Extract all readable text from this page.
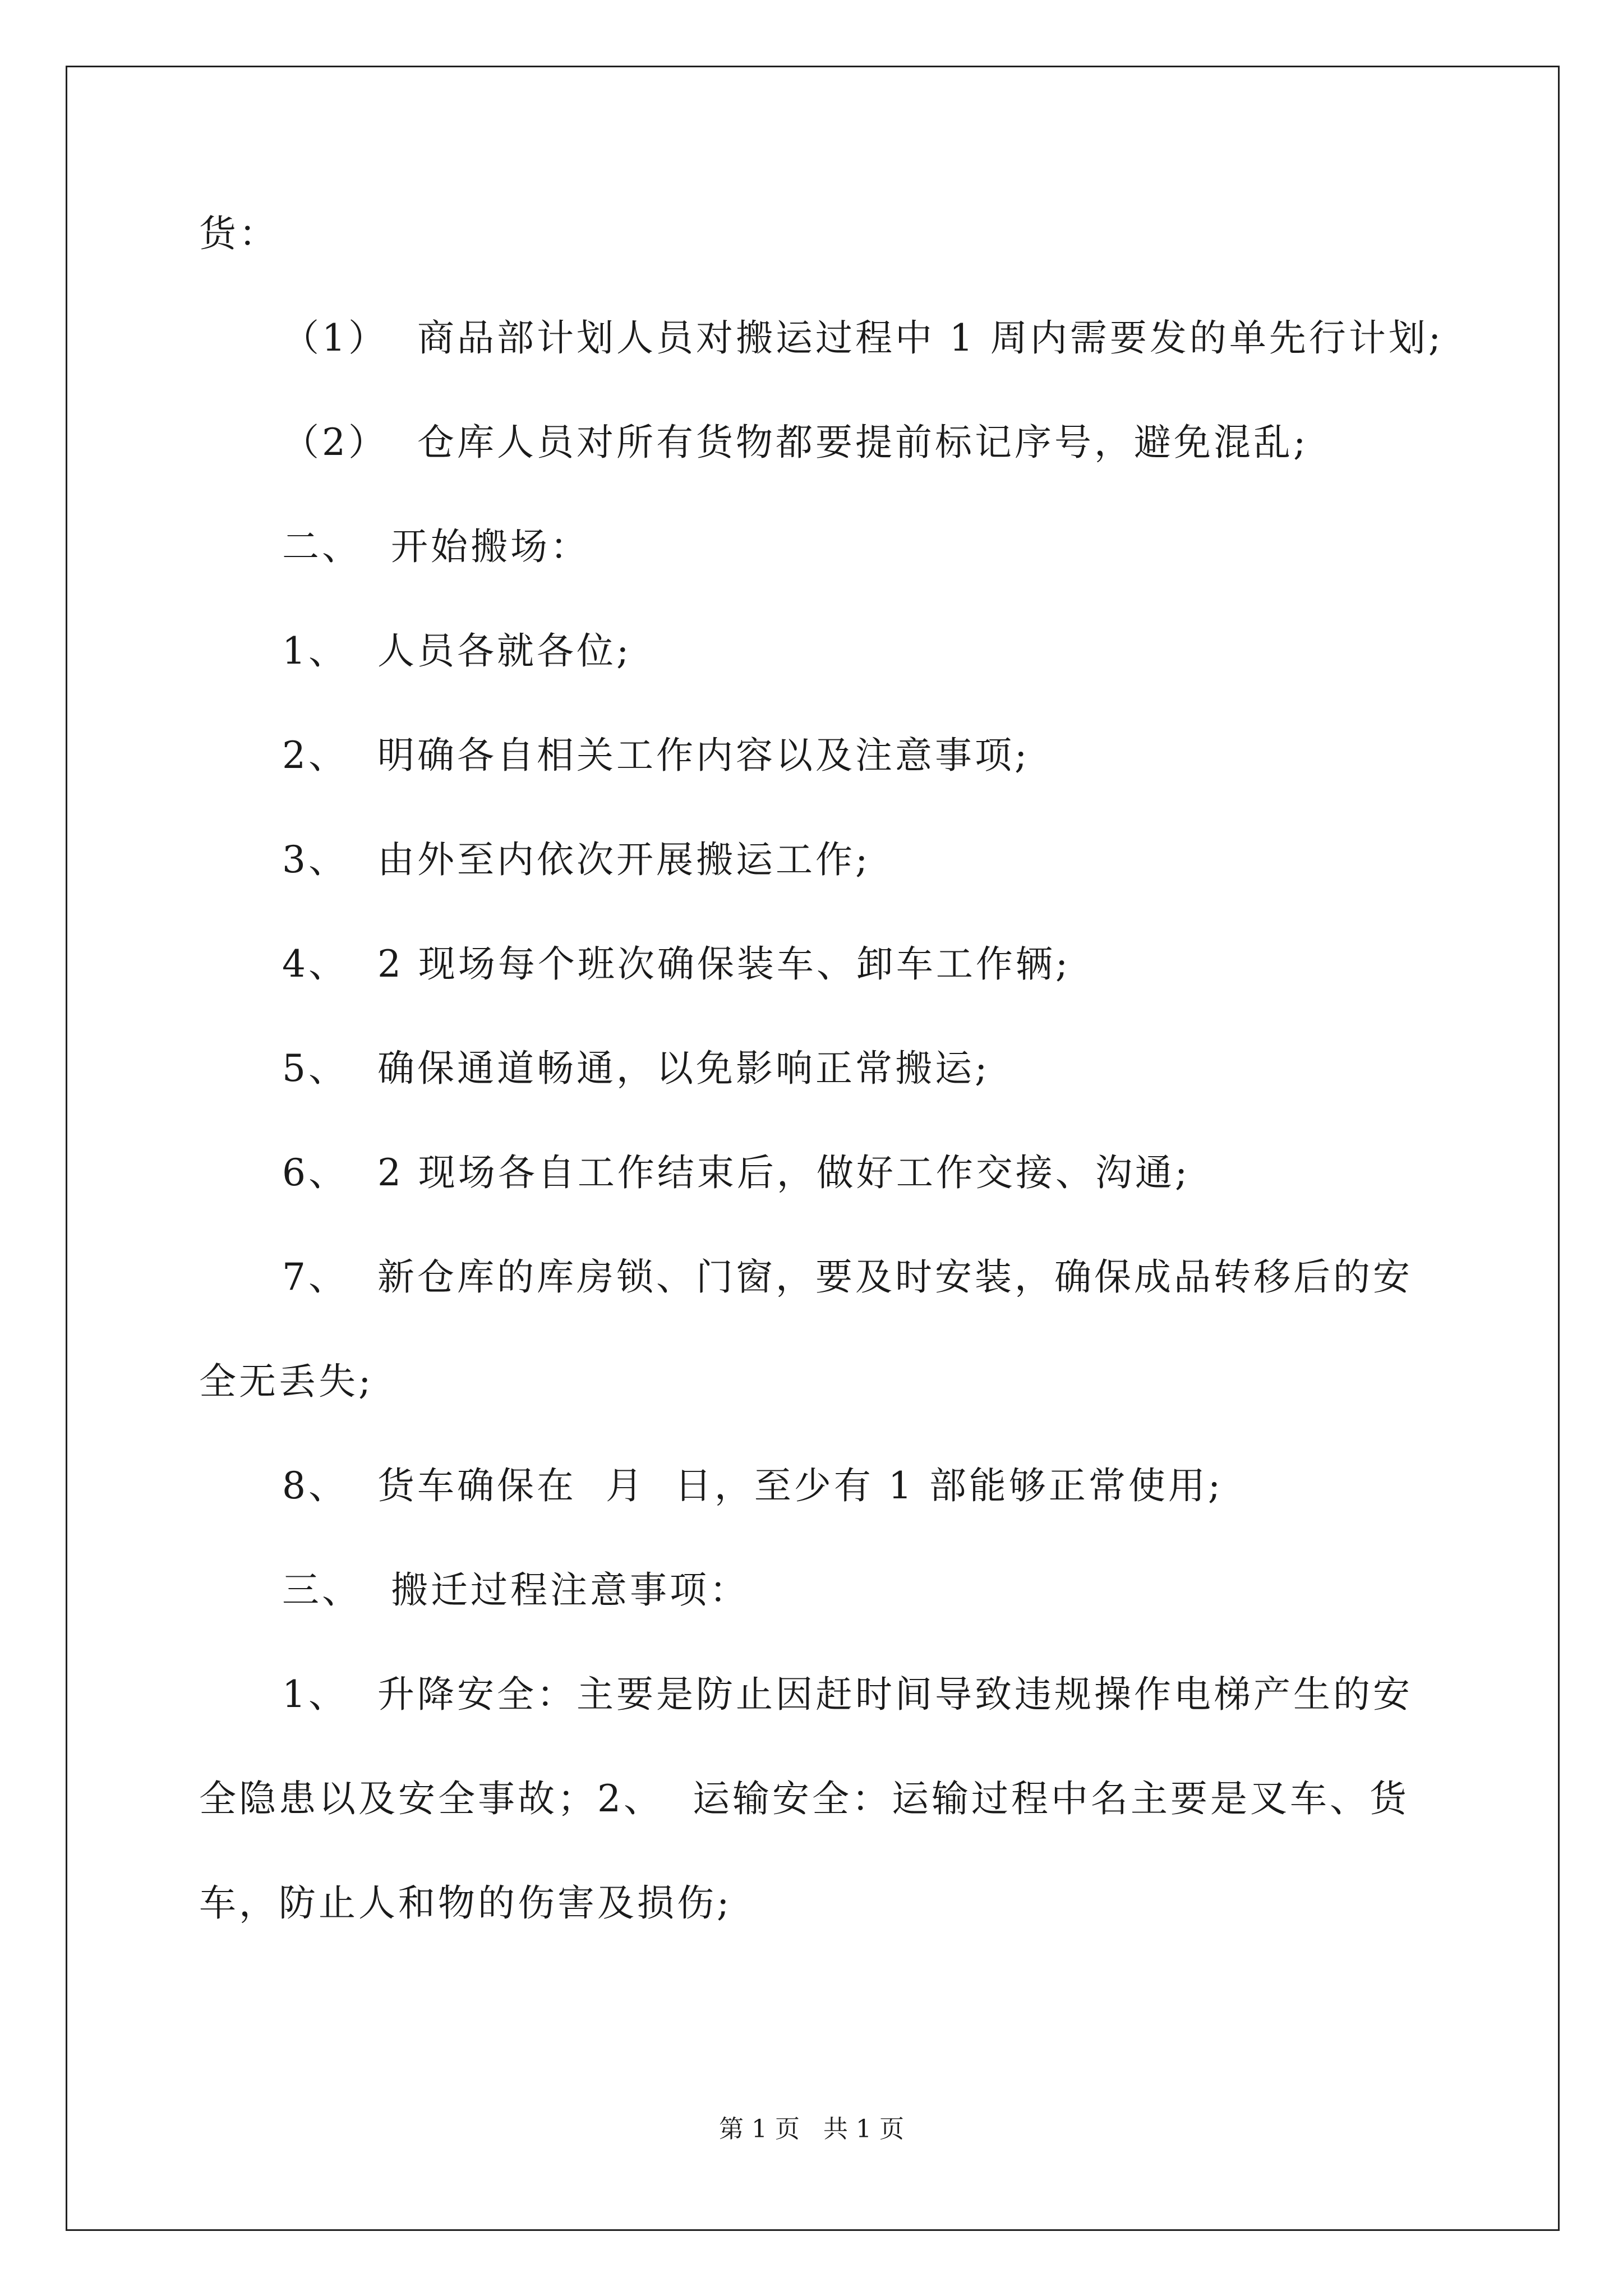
货：
（1）  商品部计划人员对搬运过程中 1 周内需要发的单先行计划;
（2）  仓库人员对所有货物都要提前标记序号，避免混乱;
二、  开始搬场：
1、  人员各就各位;
2、  明确各自相关工作内容以及注意事项;
3、  由外至内依次开展搬运工作;
4、  2 现场每个班次确保装车、卸车工作辆;
5、  确保通道畅通，以免影响正常搬运;
6、  2 现场各自工作结束后，做好工作交接、沟通;
7、  新仓库的库房锁、门窗，要及时安装，确保成品转移后的安
全无丢失;
8、  货车确保在  月  日，至少有 1 部能够正常使用;
三、  搬迁过程注意事项：
1、  升降安全：主要是防止因赶时间导致违规操作电梯产生的安
全隐患以及安全事故；2、  运输安全：运输过程中名主要是叉车、货
车，防止人和物的伤害及损伤;
第 1 页   共 1 页
